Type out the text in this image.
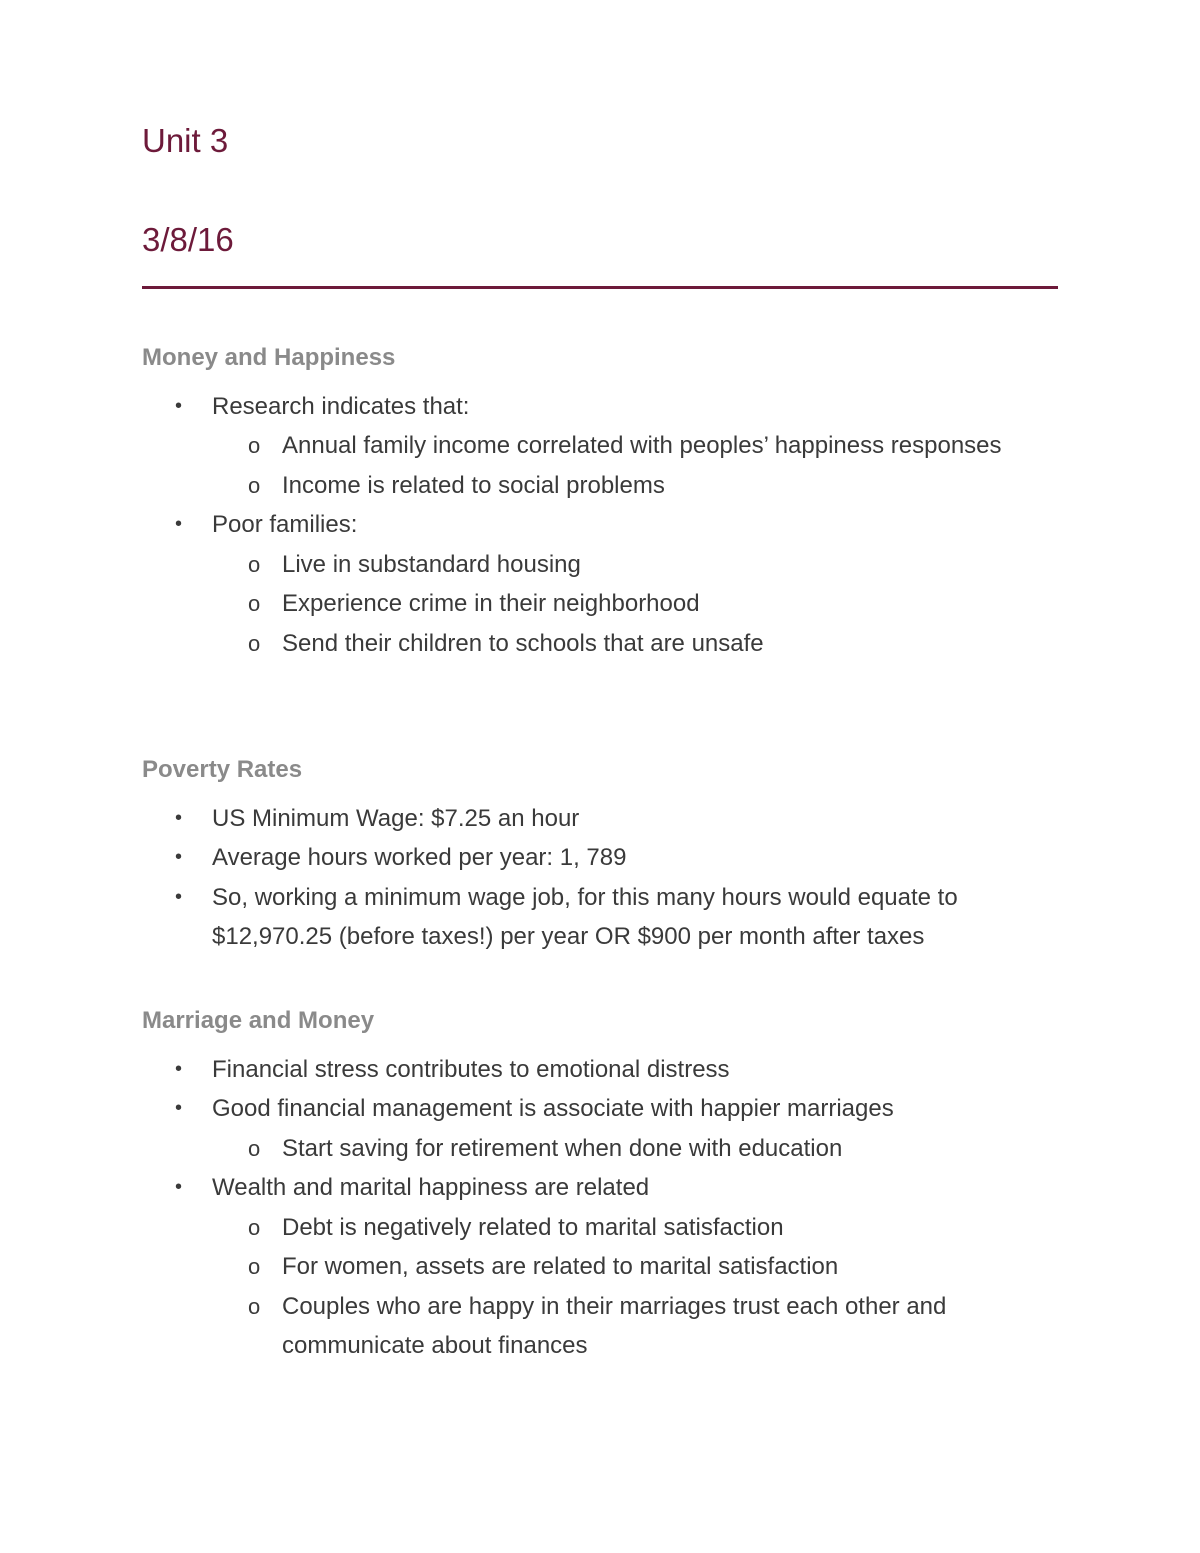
Unit 3
3/8/16
Money and Happiness
• Research indicates that:
o Annual family income correlated with peoples’ happiness responses
o Income is related to social problems
• Poor families:
o Live in substandard housing
o Experience crime in their neighborhood
o Send their children to schools that are unsafe
Poverty Rates
• US Minimum Wage: $7.25 an hour
• Average hours worked per year: 1, 789
• So, working a minimum wage job, for this many hours would equate to $12,970.25 (before taxes!) per year OR $900 per month after taxes
Marriage and Money
• Financial stress contributes to emotional distress
• Good financial management is associate with happier marriages
o Start saving for retirement when done with education
• Wealth and marital happiness are related
o Debt is negatively related to marital satisfaction
o For women, assets are related to marital satisfaction
o Couples who are happy in their marriages trust each other and communicate about finances
